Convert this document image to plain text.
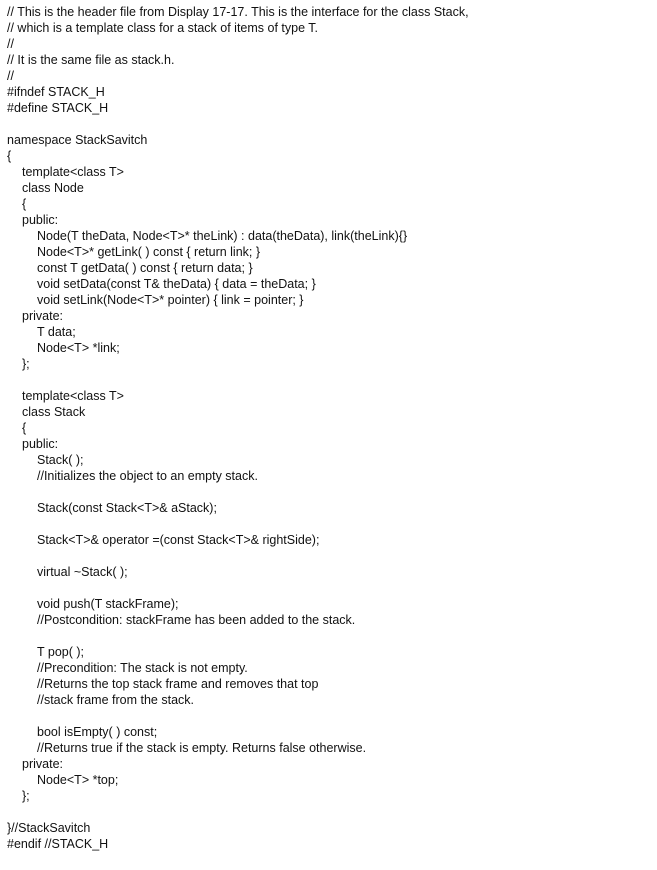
// This is the header file from Display 17-17. This is the interface for the class Stack,
// which is a template class for a stack of items of type T.
//
// It is the same file as stack.h.
//
#ifndef STACK_H
#define STACK_H
namespace StackSavitch
{
template<class T>
class Node
{
public:
Node(T theData, Node<T>* theLink) : data(theData), link(theLink){}
Node<T>* getLink( ) const { return link; }
const T getData( ) const { return data; }
void setData(const T& theData) { data = theData; }
void setLink(Node<T>* pointer) { link = pointer; }
private:
T data;
Node<T> *link;
};
template<class T>
class Stack
{
public:
Stack( );
//Initializes the object to an empty stack.
Stack(const Stack<T>& aStack);
Stack<T>& operator =(const Stack<T>& rightSide);
virtual ~Stack( );
void push(T stackFrame);
//Postcondition: stackFrame has been added to the stack.
T pop( );
//Precondition: The stack is not empty.
//Returns the top stack frame and removes that top
//stack frame from the stack.
bool isEmpty( ) const;
//Returns true if the stack is empty. Returns false otherwise.
private:
Node<T> *top;
};
}//StackSavitch
#endif //STACK_H
